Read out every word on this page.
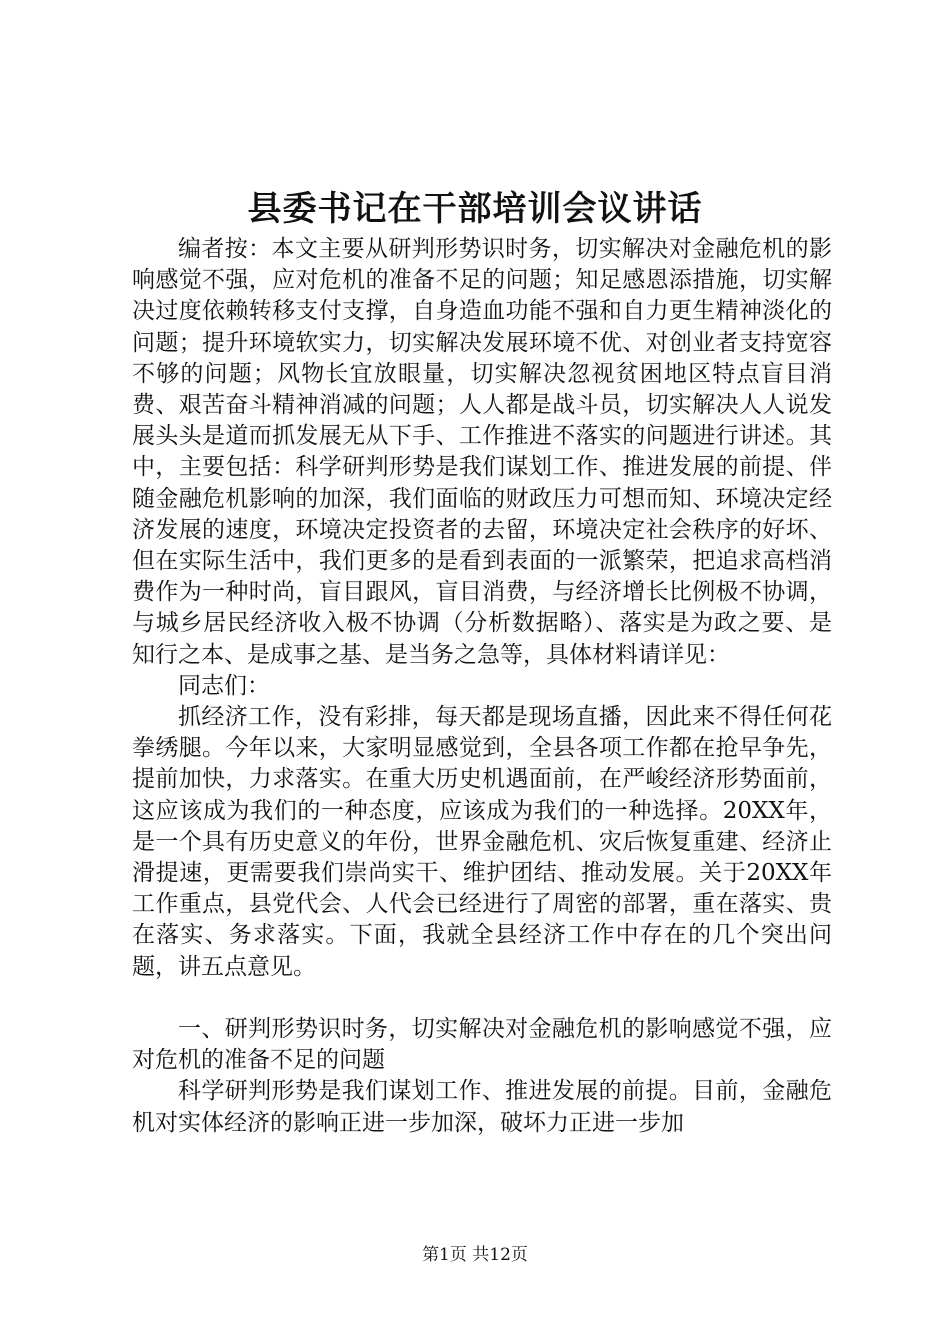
县委书记在干部培训会议讲话

编者按：本文主要从研判形势识时务，切实解决对金融危机的影响感觉不强，应对危机的准备不足的问题；知足感恩添措施，切实解决过度依赖转移支付支撑，自身造血功能不强和自力更生精神淡化的问题；提升环境软实力，切实解决发展环境不优、对创业者支持宽容不够的问题；风物长宜放眼量，切实解决忽视贫困地区特点盲目消费、艰苦奋斗精神消减的问题；人人都是战斗员，切实解决人人说发展头头是道而抓发展无从下手、工作推进不落实的问题进行讲述。其中，主要包括：科学研判形势是我们谋划工作、推进发展的前提、伴随金融危机影响的加深，我们面临的财政压力可想而知、环境决定经济发展的速度，环境决定投资者的去留，环境决定社会秩序的好坏、但在实际生活中，我们更多的是看到表面的一派繁荣，把追求高档消费作为一种时尚，盲目跟风，盲目消费，与经济增长比例极不协调，与城乡居民经济收入极不协调（分析数据略）、落实是为政之要、是知行之本、是成事之基、是当务之急等，具体材料请详见：

同志们：

抓经济工作，没有彩排，每天都是现场直播，因此来不得任何花拳绣腿。今年以来，大家明显感觉到，全县各项工作都在抢早争先，提前加快，力求落实。在重大历史机遇面前，在严峻经济形势面前，这应该成为我们的一种态度，应该成为我们的一种选择。20XX年，是一个具有历史意义的年份，世界金融危机、灾后恢复重建、经济止滑提速，更需要我们崇尚实干、维护团结、推动发展。关于20XX年工作重点，县党代会、人代会已经进行了周密的部署，重在落实、贵在落实、务求落实。下面，我就全县经济工作中存在的几个突出问题，讲五点意见。

一、研判形势识时务，切实解决对金融危机的影响感觉不强，应对危机的准备不足的问题

科学研判形势是我们谋划工作、推进发展的前提。目前，金融危机对实体经济的影响正进一步加深，破坏力正进一步加

第1页 共12页
